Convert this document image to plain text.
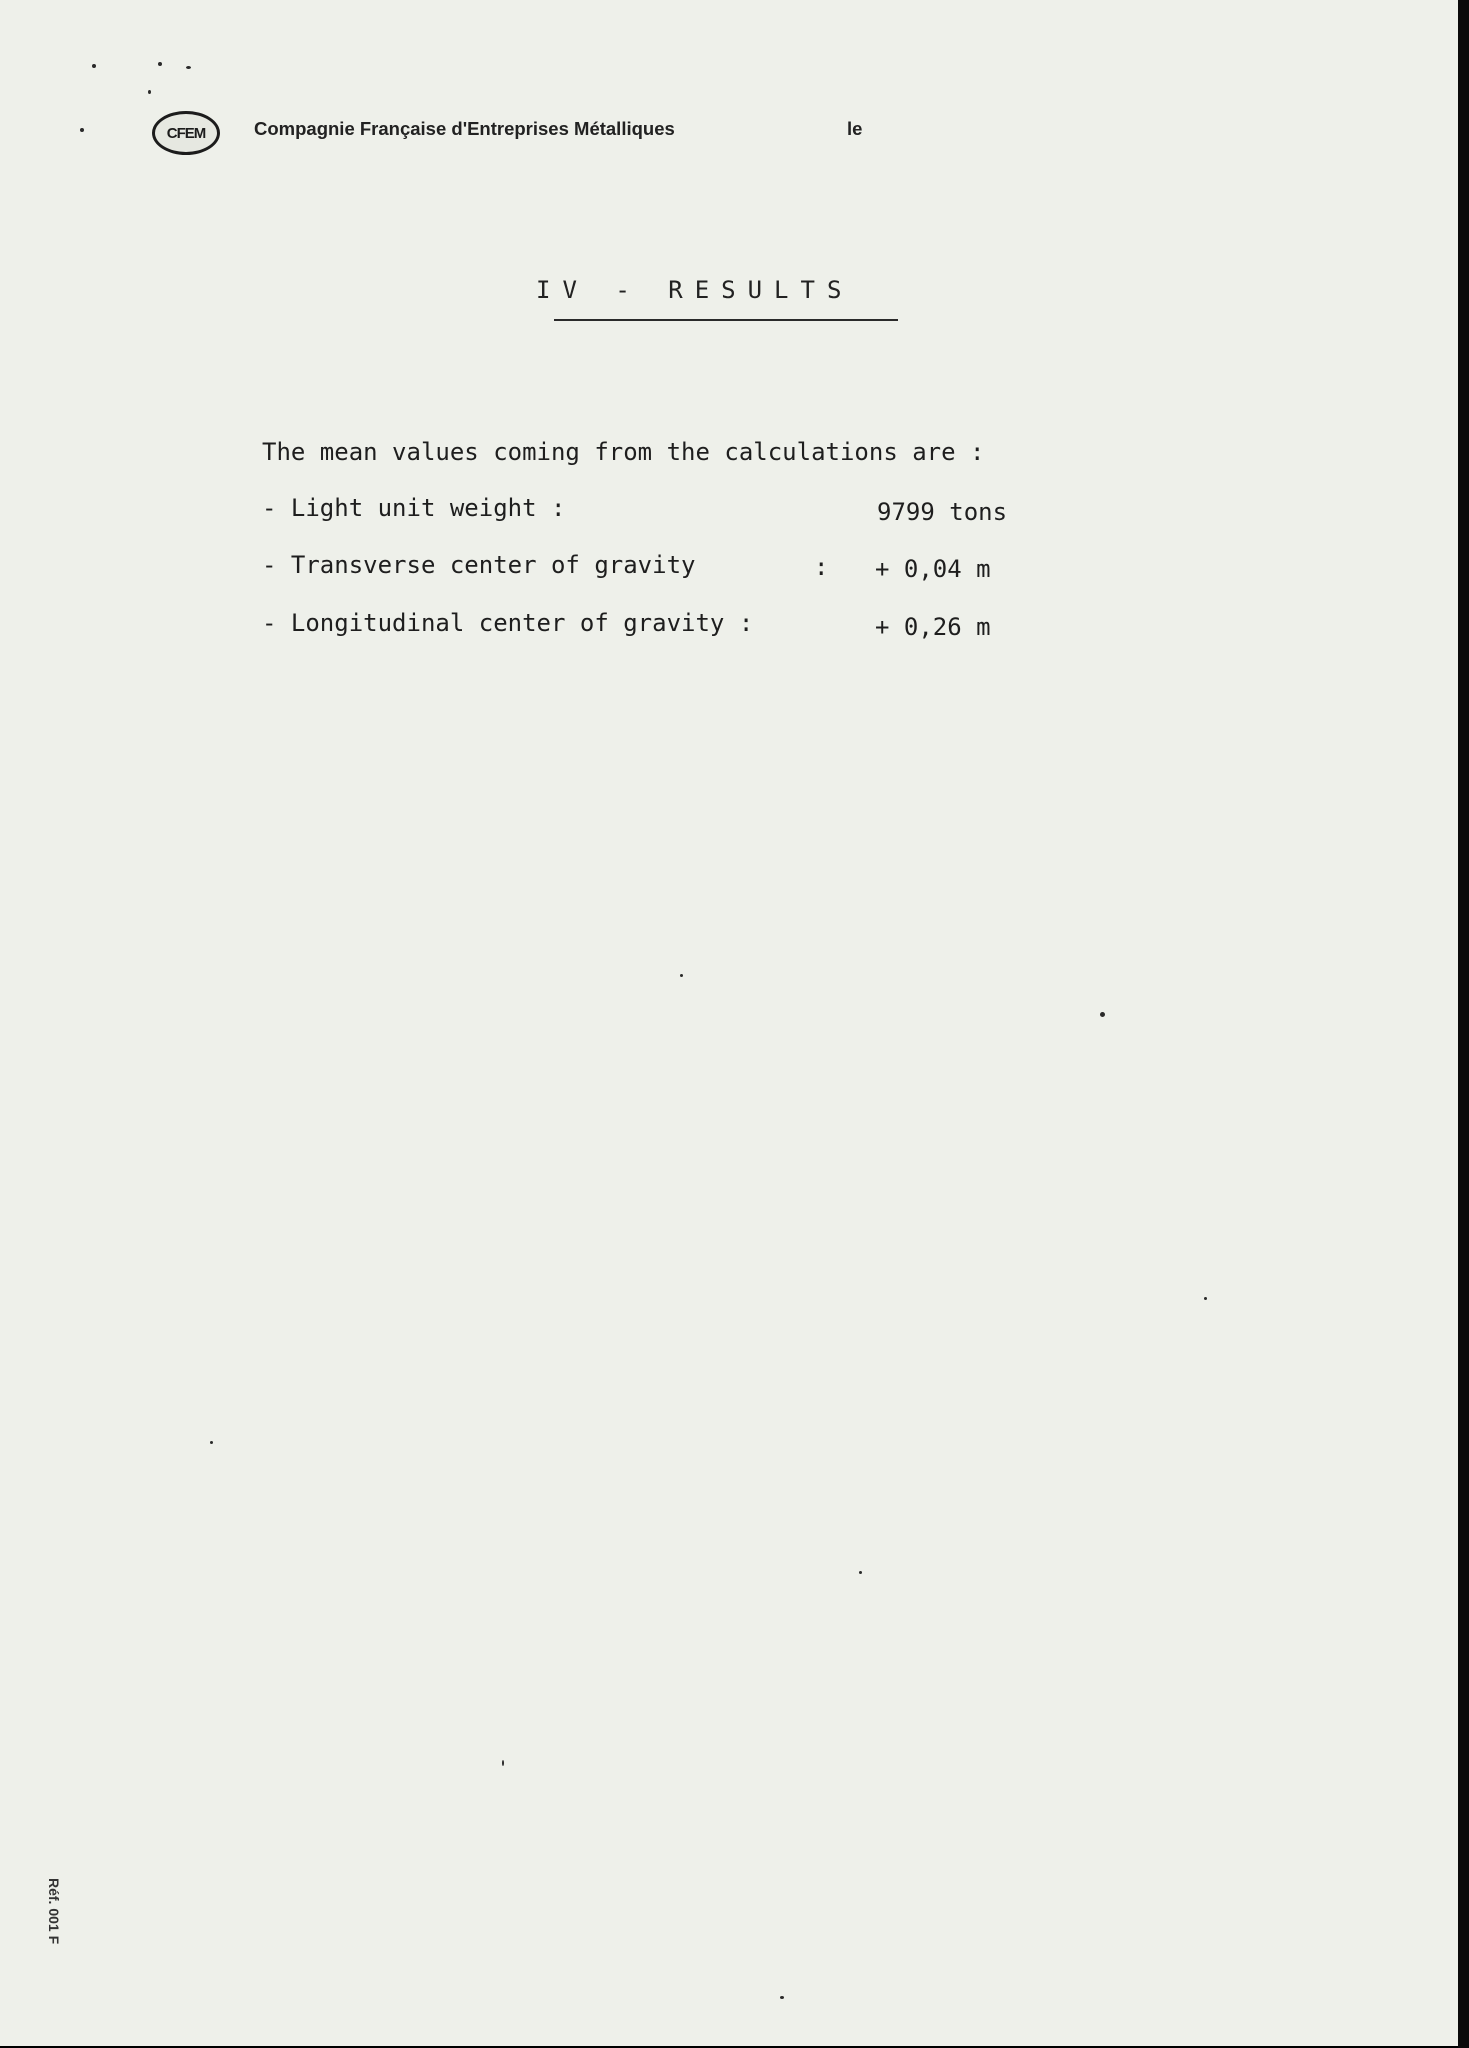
CFEM	Compagnie Française d'Entreprises Métalliques	le
IV - RESULTS
The mean values coming from the calculations are :
- Light unit weight :	9799 tons
- Transverse center of gravity	: + 0,04 m
- Longitudinal center of gravity :	+ 0,26 m
Réf. 001 F
